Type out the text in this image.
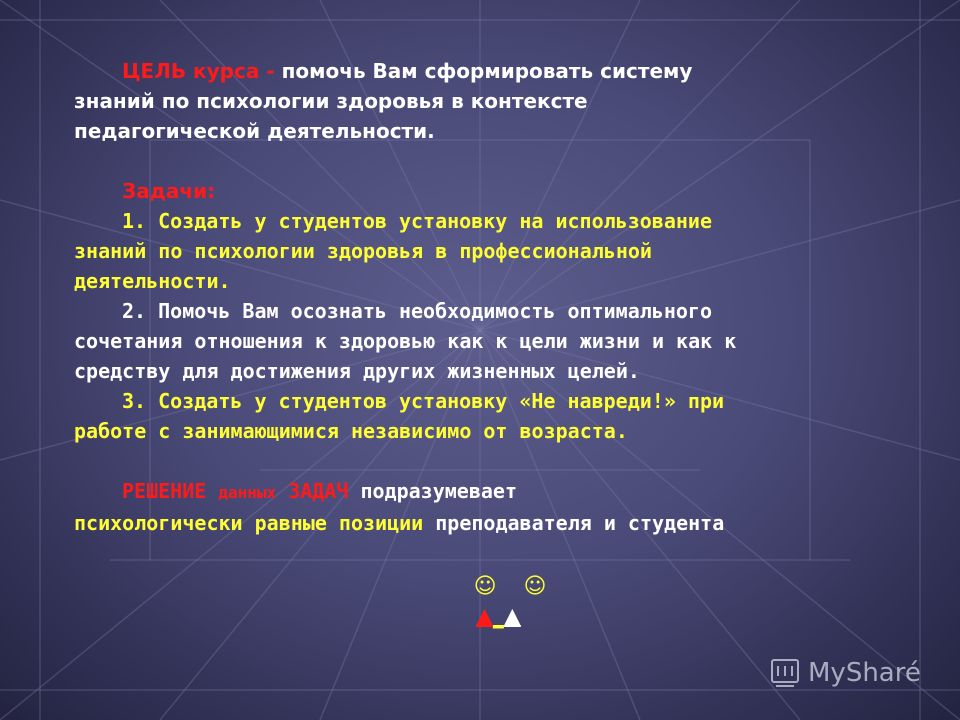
ЦЕЛЬ курса - помочь Вам сформировать систему
знаний по психологии здоровья в контексте
педагогической деятельности.
Задачи:
1. Создать у студентов установку на использование
знаний по психологии здоровья в профессиональной
деятельности.
2. Помочь Вам осознать необходимость оптимального
сочетания отношения к здоровью как к цели жизни и как к
средству для достижения других жизненных целей.
3. Создать у студентов установку «Не навреди!» при
работе с занимающимися независимо от возраста.
РЕШЕНИЕ данных ЗАДАЧ подразумевает
психологически равные позиции преподавателя и студента
☺ ☺
▲_▲
MySharé
